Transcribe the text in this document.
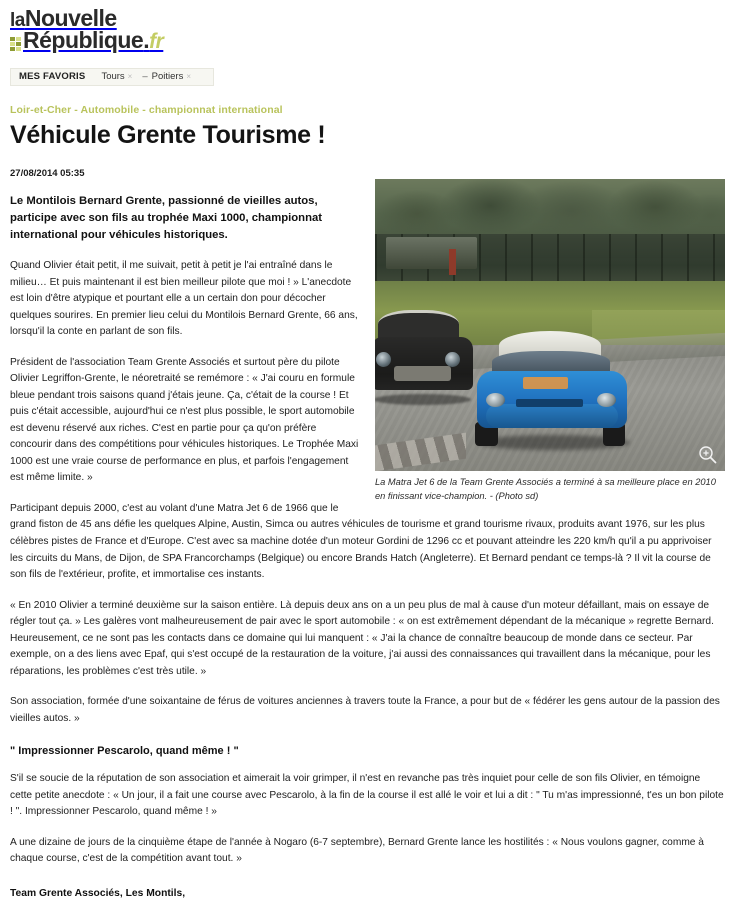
laNouvelle
République.fr
MES FAVORIS Tours × – Poitiers ×
Loir-et-Cher - Automobile - championnat international
Véhicule Grente Tourisme !
27/08/2014 05:35
La Matra Jet 6 de la Team Grente Associés a terminé à sa meilleure place en 2010 en finissant vice-champion. - (Photo sd)

Le Montilois Bernard Grente, passionné de vieilles autos, participe avec son fils au trophée Maxi 1000, championnat international pour véhicules historiques.

Quand Olivier était petit, il me suivait, petit à petit je l'ai entraîné dans le milieu… Et puis maintenant il est bien meilleur pilote que moi ! » L'anecdote est loin d'être atypique et pourtant elle a un certain don pour décocher quelques sourires. En premier lieu celui du Montilois Bernard Grente, 66 ans, lorsqu'il la conte en parlant de son fils.

Président de l'association Team Grente Associés et surtout père du pilote Olivier Legriffon-Grente, le néoretraité se remémore : « J'ai couru en formule bleue pendant trois saisons quand j'étais jeune. Ça, c'était de la course ! Et puis c'était accessible, aujourd'hui ce n'est plus possible, le sport automobile est devenu réservé aux riches. C'est en partie pour ça qu'on préfère concourir dans des compétitions pour véhicules historiques. Le Trophée Maxi 1000 est une vraie course de performance en plus, et parfois l'engagement est même limite. »

Participant depuis 2000, c'est au volant d'une Matra Jet 6 de 1966 que le grand fiston de 45 ans défie les quelques Alpine, Austin, Simca ou autres véhicules de tourisme et grand tourisme rivaux, produits avant 1976, sur les plus célèbres pistes de France et d'Europe. C'est avec sa machine dotée d'un moteur Gordini de 1296 cc et pouvant atteindre les 220 km/h qu'il a pu apprivoiser les circuits du Mans, de Dijon, de SPA Francorchamps (Belgique) ou encore Brands Hatch (Angleterre). Et Bernard pendant ce temps-là ? Il vit la course de son fils de l'extérieur, profite, et immortalise ces instants.

« En 2010 Olivier a terminé deuxième sur la saison entière. Là depuis deux ans on a un peu plus de mal à cause d'un moteur défaillant, mais on essaye de régler tout ça. » Les galères vont malheureusement de pair avec le sport automobile : « on est extrêmement dépendant de la mécanique » regrette Bernard. Heureusement, ce ne sont pas les contacts dans ce domaine qui lui manquent : « J'ai la chance de connaître beaucoup de monde dans ce secteur. Par exemple, on a des liens avec Epaf, qui s'est occupé de la restauration de la voiture, j'ai aussi des connaissances qui travaillent dans la mécanique, pour les réparations, les problèmes c'est très utile. »

Son association, formée d'une soixantaine de férus de voitures anciennes à travers toute la France, a pour but de « fédérer les gens autour de la passion des vieilles autos. »

" Impressionner Pescarolo, quand même ! "

S'il se soucie de la réputation de son association et aimerait la voir grimper, il n'est en revanche pas très inquiet pour celle de son fils Olivier, en témoigne cette petite anecdote : « Un jour, il a fait une course avec Pescarolo, à la fin de la course il est allé le voir et lui a dit : " Tu m'as impressionné, t'es un bon pilote ! ". Impressionner Pescarolo, quand même ! »

A une dizaine de jours de la cinquième étape de l'année à Nogaro (6-7 septembre), Bernard Grente lance les hostilités : « Nous voulons gagner, comme à chaque course, c'est de la compétition avant tout. »

Team Grente Associés, Les Montils,
